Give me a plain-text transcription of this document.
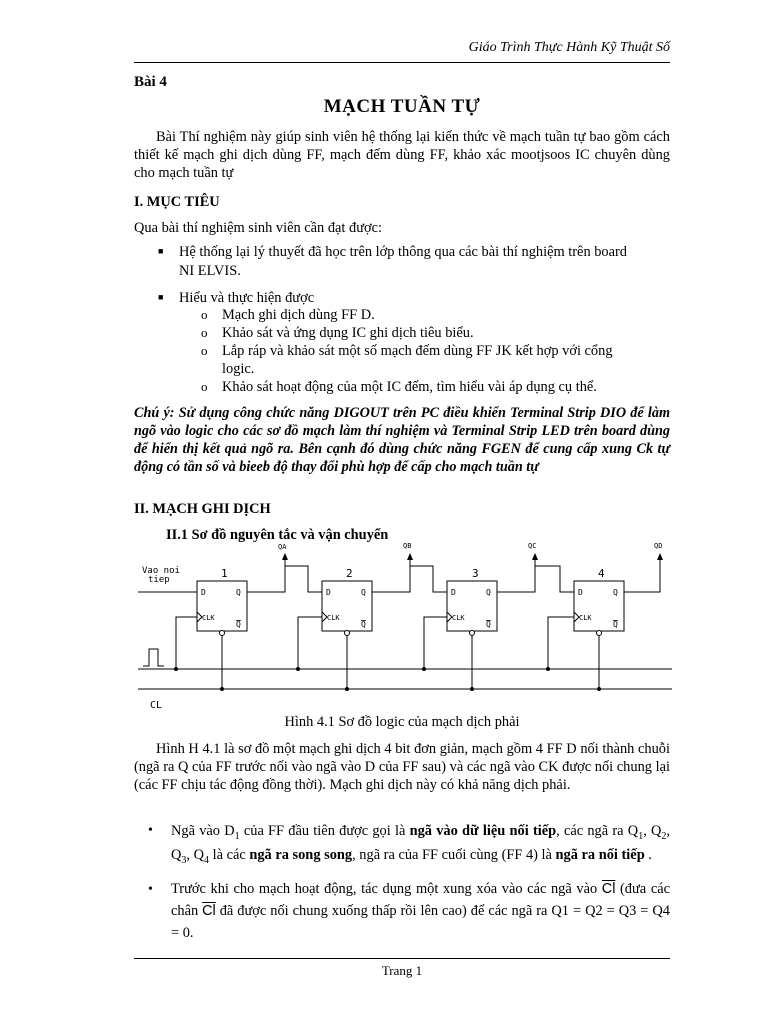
Giáo Trình Thực Hành Kỹ Thuật Số
Bài 4
MẠCH TUẦN TỰ
Bài Thí nghiệm này giúp sinh viên hệ thống lại kiến thức về mạch tuần tự bao gồm cách thiết kế mạch ghi dịch dùng FF, mạch đếm dùng FF, khảo xác mootjsoos IC chuyên dùng cho mạch tuần tự
I. MỤC TIÊU
Qua bài thí nghiệm sinh viên cần đạt được:
■ Hệ thống lại lý thuyết đã học trên lớp thông qua các bài thí nghiệm trên board
NI ELVIS.
■ Hiểu và thực hiện được
o Mạch ghi dịch dùng FF D.
o Khảo sát và ứng dụng IC ghi dịch tiêu biểu.
o Lắp ráp và khảo sát một số mạch đếm dùng FF JK kết hợp với cổng
logic.
o Khảo sát hoạt động của một IC đếm, tìm hiểu vài áp dụng cụ thể.
Chú ý: Sử dụng công chức năng DIGOUT trên PC điều khiển Terminal Strip DIO để làm ngõ vào logic cho các sơ đồ mạch làm thí nghiệm và Terminal Strip LED trên board dùng để hiển thị kết quả ngõ ra. Bên cạnh đó dùng chức năng FGEN để cung cấp xung Ck tự động có tần số và bieeb độ thay đổi phù hợp để cấp cho mạch tuần tự
II. MẠCH GHI DỊCH
II.1 Sơ đồ nguyên tắc và vận chuyển
Vao noi
tiep
CL
1	2	3	4
QA	QB	QC	QD
D	Q
CLK
Q
D	Q
CLK
Q
D	Q
CLK
Q
D	Q
CLK
Q
Hình 4.1 Sơ đồ logic của mạch dịch phải
Hình H 4.1 là sơ đồ một mạch ghi dịch 4 bit đơn giản, mạch gồm 4 FF D nối thành chuỗi (ngã ra Q của FF trước nối vào ngã vào D của FF sau) và các ngã vào CK được nối chung lại (các FF chịu tác động đồng thời). Mạch ghi dịch này có khả năng dịch phải.
• Ngã vào $D_1$ của FF đầu tiên được gọi là ngã vào dữ liệu nối tiếp, các ngã ra $Q_1$, $Q_2$, $Q_3$, $Q_4$ là các ngã ra song song, ngã ra của FF cuối cùng (FF 4) là ngã ra nối tiếp .
• Trước khi cho mạch hoạt động, tác dụng một xung xóa vào các ngã vào $\overline{Cl}$ (đưa các chân $\overline{Cl}$ đã được nối chung xuống thấp rồi lên cao) để các ngã ra Q1 = Q2 = Q3 = Q4 = 0.
Trang 1
